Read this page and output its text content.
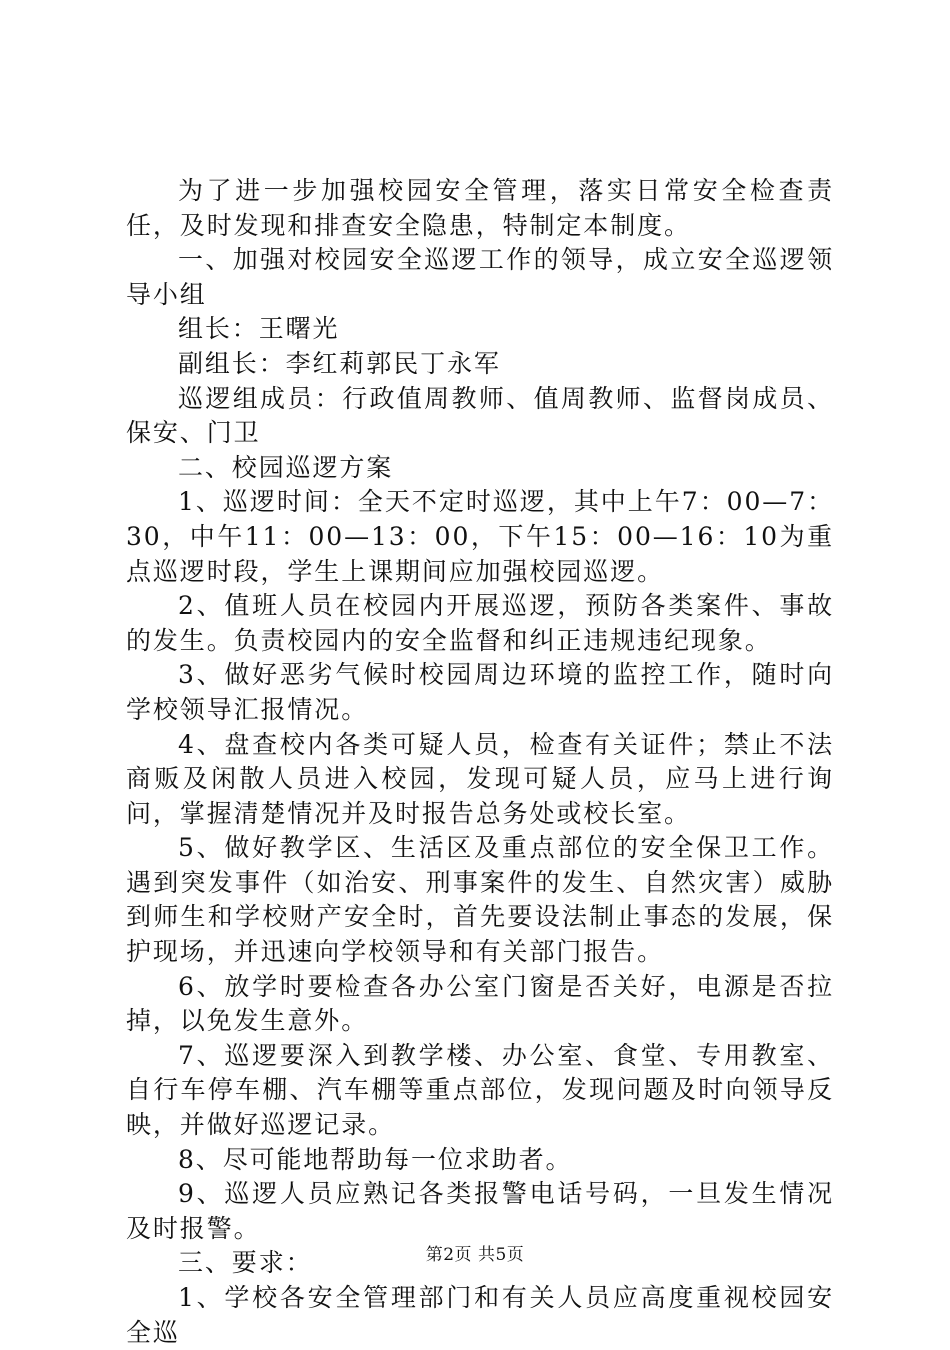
为了进一步加强校园安全管理，落实日常安全检查责任，及时发现和排查安全隐患，特制定本制度。

一、加强对校园安全巡逻工作的领导，成立安全巡逻领导小组

组长：王曙光

副组长：李红莉郭民丁永军

巡逻组成员：行政值周教师、值周教师、监督岗成员、保安、门卫

二、校园巡逻方案

1、巡逻时间：全天不定时巡逻，其中上午7：00—7：30，中午11：00—13：00，下午15：00—16：10为重点巡逻时段，学生上课期间应加强校园巡逻。

2、值班人员在校园内开展巡逻，预防各类案件、事故的发生。负责校园内的安全监督和纠正违规违纪现象。

3、做好恶劣气候时校园周边环境的监控工作，随时向学校领导汇报情况。

4、盘查校内各类可疑人员，检查有关证件；禁止不法商贩及闲散人员进入校园，发现可疑人员，应马上进行询问，掌握清楚情况并及时报告总务处或校长室。

5、做好教学区、生活区及重点部位的安全保卫工作。遇到突发事件（如治安、刑事案件的发生、自然灾害）威胁到师生和学校财产安全时，首先要设法制止事态的发展，保护现场，并迅速向学校领导和有关部门报告。

6、放学时要检查各办公室门窗是否关好，电源是否拉掉，以免发生意外。

7、巡逻要深入到教学楼、办公室、食堂、专用教室、自行车停车棚、汽车棚等重点部位，发现问题及时向领导反映，并做好巡逻记录。

8、尽可能地帮助每一位求助者。

9、巡逻人员应熟记各类报警电话号码，一旦发生情况及时报警。

三、要求：

1、学校各安全管理部门和有关人员应高度重视校园安全巡

第2页 共5页
